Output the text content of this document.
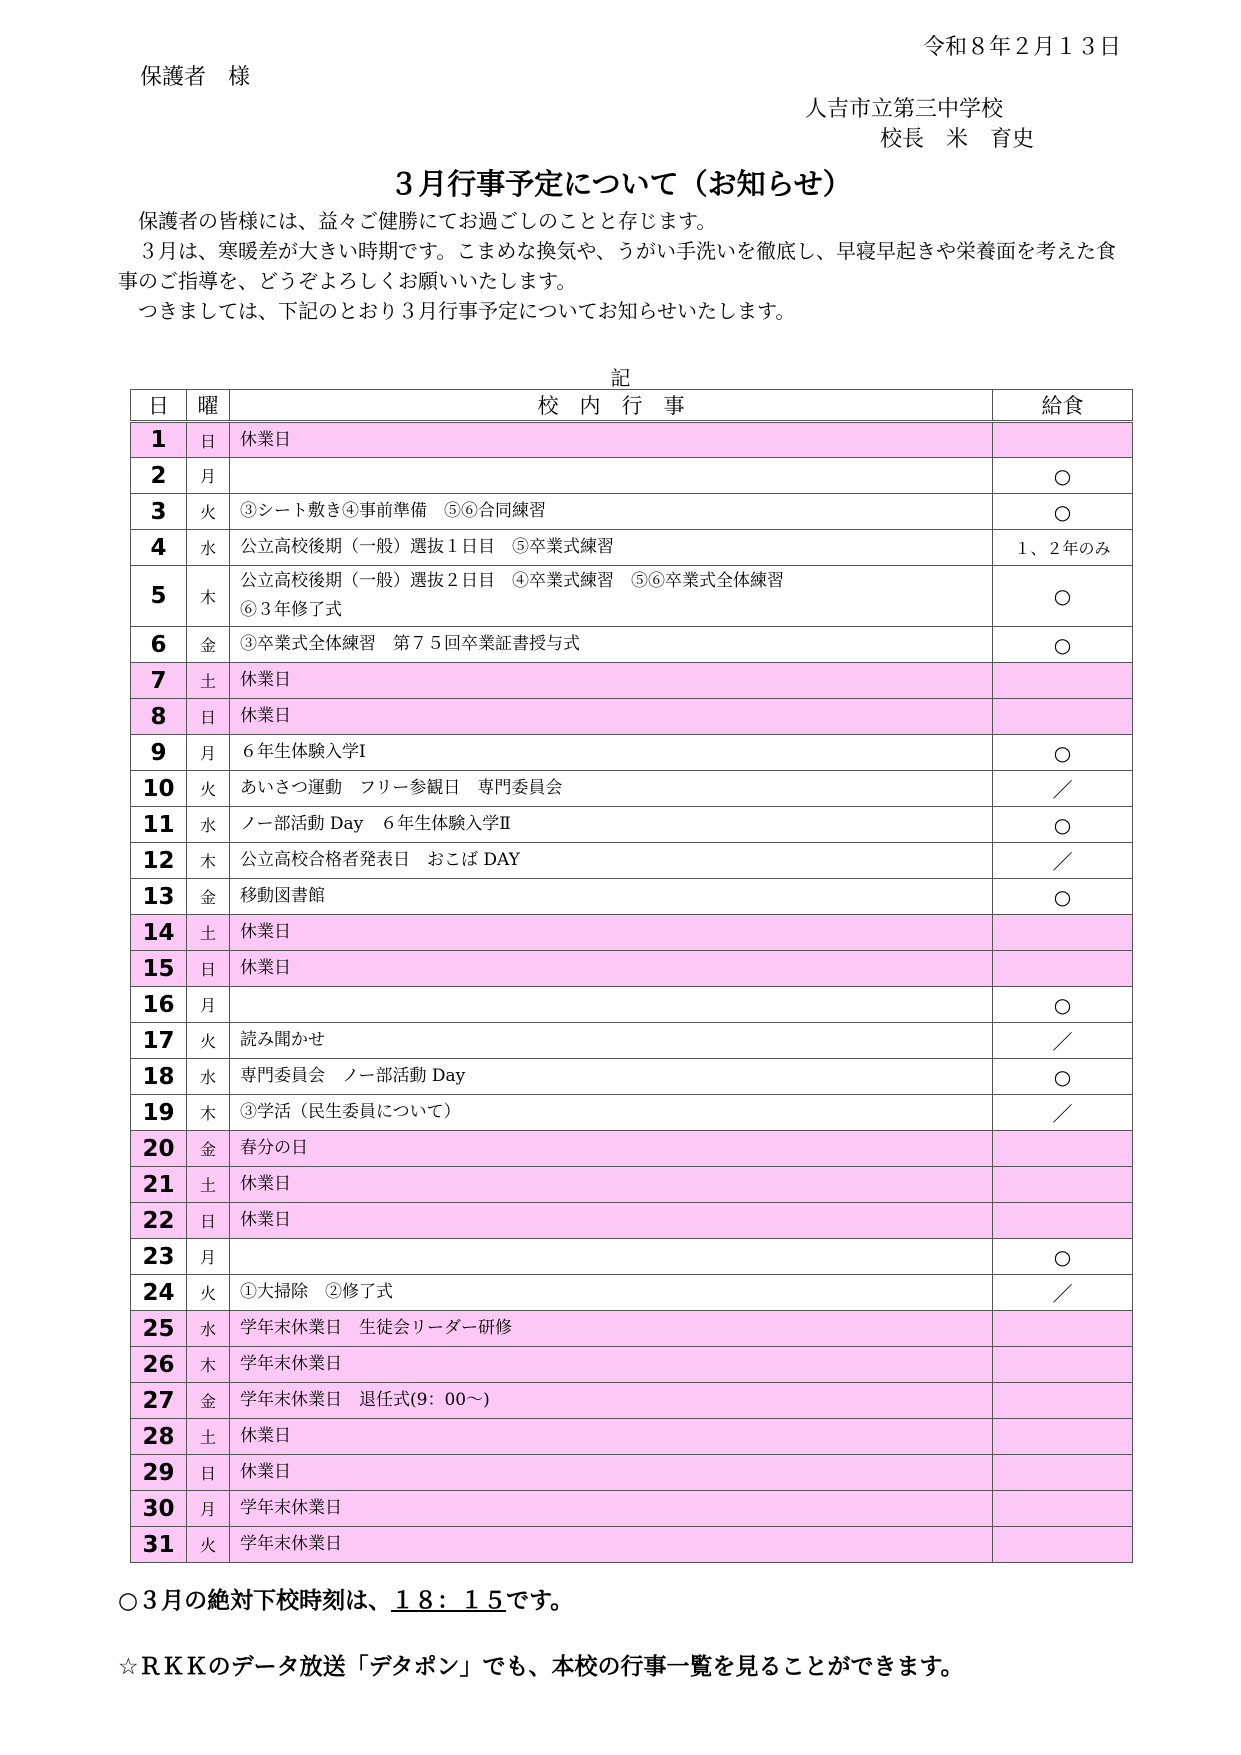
令和８年２月１３日
保護者　様
人吉市立第三中学校
校長　米　育史
３月行事予定について（お知らせ）

保護者の皆様には、益々ご健勝にてお過ごしのことと存じます。

３月は、寒暖差が大きい時期です。こまめな換気や、うがい手洗いを徹底し、早寝早起きや栄養面を考えた食事のご指導を、どうぞよろしくお願いいたします。

つきましては、下記のとおり３月行事予定についてお知らせいたします。

記
日	曜	校　内　行　事	給食
1	日	休業日	

2	月		○
3	火	③シート敷き④事前準備　⑤⑥合同練習	○
4	水	公立高校後期（一般）選抜１日目　⑤卒業式練習	１、２年のみ
5	木	公立高校後期（一般）選抜２日目　④卒業式練習　⑤⑥卒業式全体練習
⑥３年修了式	○
6	金	③卒業式全体練習　第７５回卒業証書授与式	○
7	土	休業日	

8	日	休業日	

9	月	６年生体験入学Ⅰ	○
10	火	あいさつ運動　フリー参観日　専門委員会	／
11	水	ノー部活動 Day　６年生体験入学Ⅱ	○
12	木	公立高校合格者発表日　おこば DAY	／
13	金	移動図書館	○
14	土	休業日	

15	日	休業日	

16	月		○
17	火	読み聞かせ	／
18	水	専門委員会　ノー部活動 Day	○
19	木	③学活（民生委員について）	／
20	金	春分の日	

21	土	休業日	

22	日	休業日	

23	月		○
24	火	①大掃除　②修了式	／
25	水	学年末休業日　生徒会リーダー研修	

26	木	学年末休業日	

27	金	学年末休業日　退任式(9：00～)	

28	土	休業日	

29	日	休業日	

30	月	学年末休業日	

31	火	学年末休業日	

○３月の絶対下校時刻は、１８：１５です。
☆ＲＫＫのデータ放送「デタポン」でも、本校の行事一覧を見ることができます。
